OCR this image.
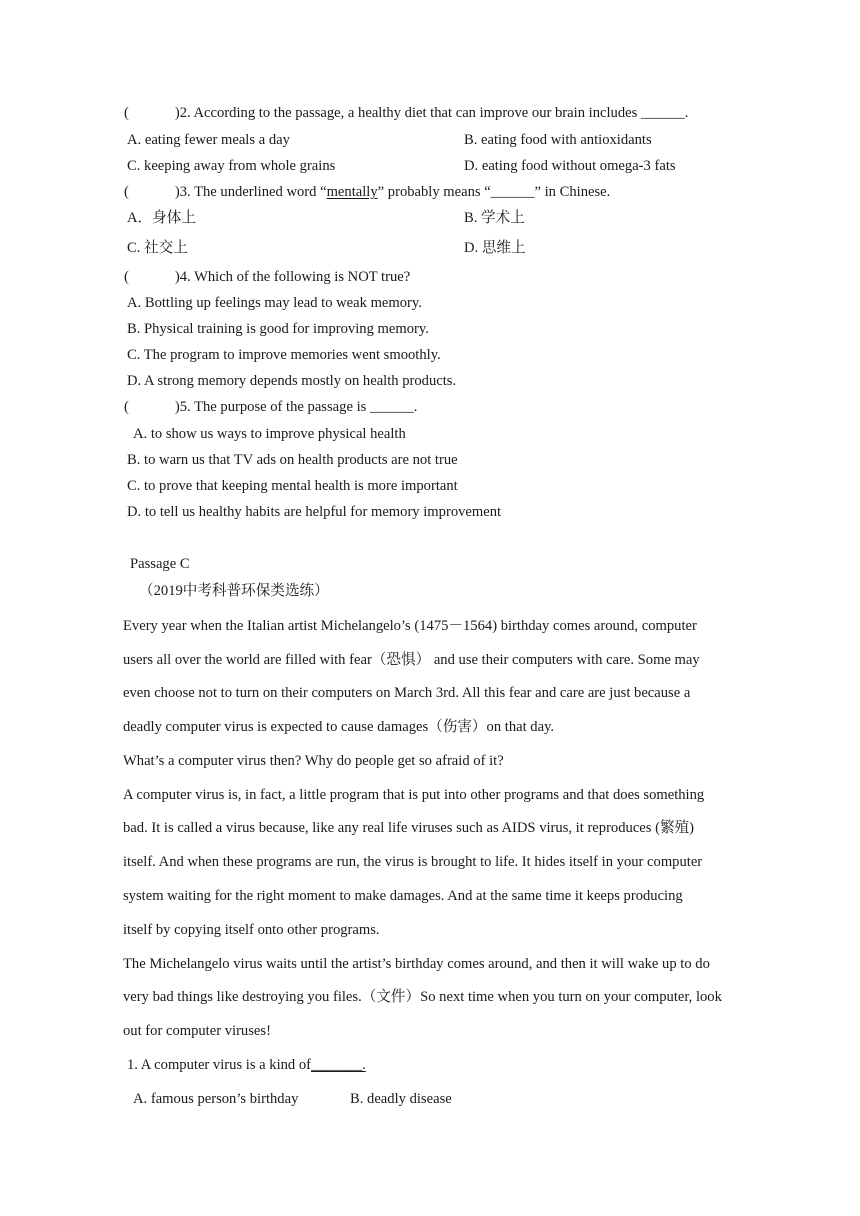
(	)2. According to the passage, a healthy diet that can improve our brain includes ______.
A. eating fewer meals a day	B. eating food with antioxidants
C. keeping away from whole grains	D. eating food without omega-3 fats
(	)3. The underlined word “mentally” probably means “______” in Chinese.
A．身体上	B. 学术上
C. 社交上	D. 思维上
(	)4. Which of the following is NOT true?
A. Bottling up feelings may lead to weak memory.
B. Physical training is good for improving memory.
C. The program to improve memories went smoothly.
D. A strong memory depends mostly on health products.
(	)5. The purpose of the passage is ______.
A. to show us ways to improve physical health
B. to warn us that TV ads on health products are not true
C. to prove that keeping mental health is more important
D. to tell us healthy habits are helpful for memory improvement
Passage C
（2019中考科普环保类选练）
Every year when the Italian artist Michelangelo’s (1475－1564) birthday comes around, computer
users all over the world are filled with fear（恐惧） and use their computers with care. Some may
even choose not to turn on their computers on March 3rd. All this fear and care are just because a
deadly computer virus is expected to cause damages（伤害）on that day.
What’s a computer virus then? Why do people get so afraid of it?
A computer virus is, in fact, a little program that is put into other programs and that does something
bad. It is called a virus because, like any real life viruses such as AIDS virus, it reproduces (繁殖)
itself. And when these programs are run, the virus is brought to life. It hides itself in your computer
system waiting for the right moment to make damages. And at the same time it keeps producing
itself by copying itself onto other programs.
The Michelangelo virus waits until the artist’s birthday comes around, and then it will wake up to do
very bad things like destroying you files.（文件）So next time when you turn on your computer, look
out for computer viruses!
1. A computer virus is a kind of_______.
A. famous person’s birthday	B. deadly disease
